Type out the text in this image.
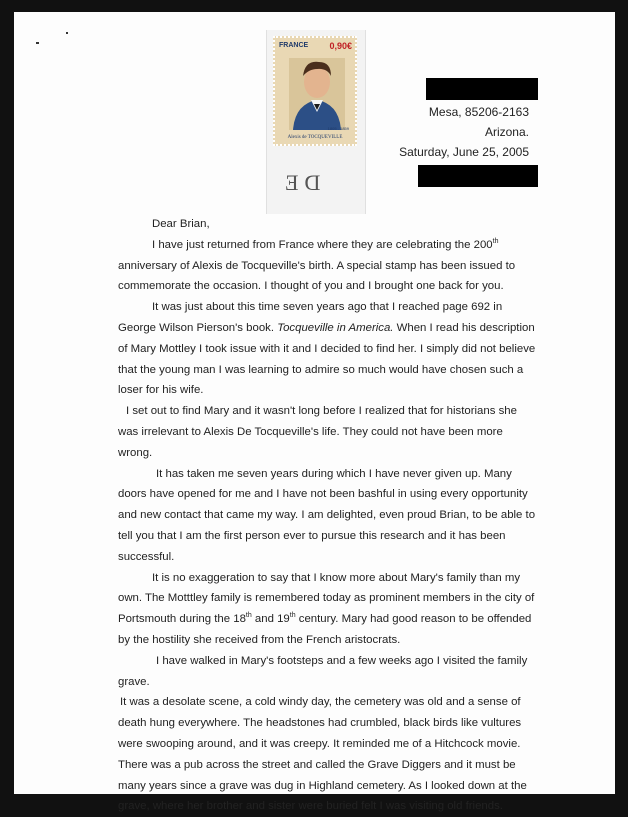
FRANCE 0,90€
1805 - 1859
Alexis de TOCQUEVILLE
DE
Mesa, 85206-2163
Arizona.
Saturday, June 25, 2005

Dear Brian,

I have just returned from France where they are celebrating the 200th anniversary of Alexis de Tocqueville's birth. A special stamp has been issued to commemorate the occasion. I thought of you and I brought one back for you.

It was just about this time seven years ago that I reached page 692 in George Wilson Pierson's book. Tocqueville in America. When I read his description of Mary Mottley I took issue with it and I decided to find her. I simply did not believe that the young man I was learning to admire so much would have chosen such a loser for his wife.

I set out to find Mary and it wasn't long before I realized that for historians she was irrelevant to Alexis De Tocqueville's life. They could not have been more wrong.

It has taken me seven years during which I have never given up. Many doors have opened for me and I have not been bashful in using every opportunity and new contact that came my way. I am delighted, even proud Brian, to be able to tell you that I am the first person ever to pursue this research and it has been successful.

It is no exaggeration to say that I know more about Mary's family than my own. The Motttley family is remembered today as prominent members in the city of Portsmouth during the 18th and 19th century. Mary had good reason to be offended by the hostility she received from the French aristocrats.

I have walked in Mary's footsteps and a few weeks ago I visited the family grave.

It was a desolate scene, a cold windy day, the cemetery was old and a sense of death hung everywhere. The headstones had crumbled, black birds like vultures were swooping around, and it was creepy. It reminded me of a Hitchcock movie. There was a pub across the street and called the Grave Diggers and it must be many years since a grave was dug in Highland cemetery. As I looked down at the grave, where her brother and sister were buried felt I was visiting old friends.
